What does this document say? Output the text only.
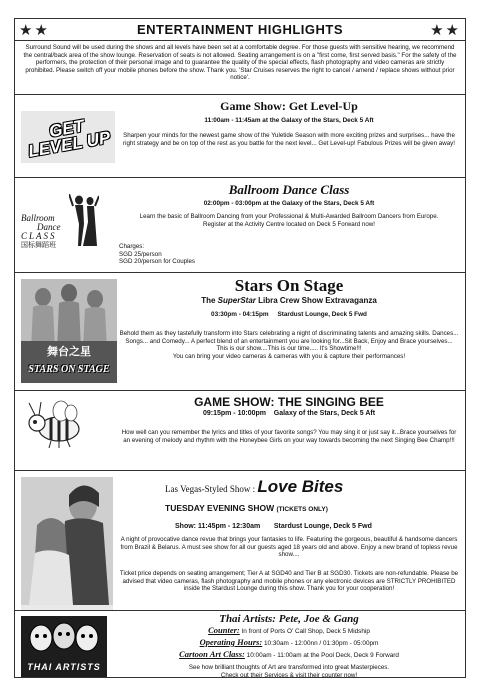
★★	ENTERTAINMENT HIGHLIGHTS	★★
Surround Sound will be used during the shows and all levels have been set at a comfortable degree. For those guests with sensitive hearing, we recommend the central/back area of the show lounge. Reservation of seats is not allowed. Seating arrangement is on a "first come, first served basis." For the safety of the performers, the protection of their personal image and to guarantee the quality of the special effects, flash photography and video cameras are strictly prohibited. Please switch off your mobile phones before the show. Thank you. 'Star Cruises reserves the right to cancel / amend / replace shows without prior notice'.
GET LEVEL UP
Game Show: Get Level-Up
11:00am - 11:45am at the Galaxy of the Stars, Deck 5 Aft
Sharpen your minds for the newest game show of the Yuletide Season with more exciting prizes and surprises... have the right strategy and be on top of the rest as you battle for the next level... Get Level-up! Fabulous Prizes will be given away!
Ballroom
Dance
CLASS
国标舞蹈班
Ballroom Dance Class
02:00pm - 03:00pm at the Galaxy of the Stars, Deck 5 Aft
Learn the basic of Ballroom Dancing from your Professional & Multi-Awarded Ballroom Dancers from Europe.
Register at the Activity Centre located on Deck 5 Forward now!
Charges:
SGD 25/person
SGD 20/person for Couples
舞台之星
STARS ON STAGE
Stars On Stage
The SuperStar Libra Crew Show Extravaganza
03:30pm - 04:15pm Stardust Lounge, Deck 5 Fwd
Behold them as they tastefully transform into Stars celebrating a night of discriminating talents and amazing skills. Dances... Songs... and Comedy... A perfect blend of an entertainment you are looking for...Sit Back, Enjoy and Brace yourselves...
This is our show....This is our time..... It's Showtime!!!
You can bring your video cameras & cameras with you & capture their performances!
GAME SHOW: THE SINGING BEE
09:15pm - 10:00pm Galaxy of the Stars, Deck 5 Aft
How well can you remember the lyrics and titles of your favorite songs? You may sing it or just say it...Brace yourselves for an evening of melody and rhythm with the Honeybee Girls on your way towards becoming the next Singing Bee Champ!!!
Las Vegas-Styled Show : Love Bites
TUESDAY EVENING SHOW (TICKETS ONLY)
Show: 11:45pm - 12:30am Stardust Lounge, Deck 5 Fwd
A night of provocative dance revue that brings your fantasies to life. Featuring the gorgeous, beautiful & handsome dancers from Brazil & Belarus. A must see show for all our guests aged 18 years old and above. Enjoy a new brand of topless revue show....
Ticket price depends on seating arrangement; Tier A at SGD40 and Tier B at SGD30. Tickets are non-refundable. Please be advised that video cameras, flash photography and mobile phones or any electronic devices are STRICTLY PROHIBITED inside the Stardust Lounge during this show. Thank you for your cooperation!
THAI ARTISTS
Thai Artists: Pete, Joe & Gang
Counter: In front of Ports O' Call Shop, Deck 5 Midship
Operating Hours: 10:30am - 12:00nn / 01:30pm - 05:00pm
Cartoon Art Class: 10:00am - 11:00am at the Pool Deck, Deck 9 Forward
See how brilliant thoughts of Art are transformed into great Masterpieces.
Check out their Services & visit their counter now!
